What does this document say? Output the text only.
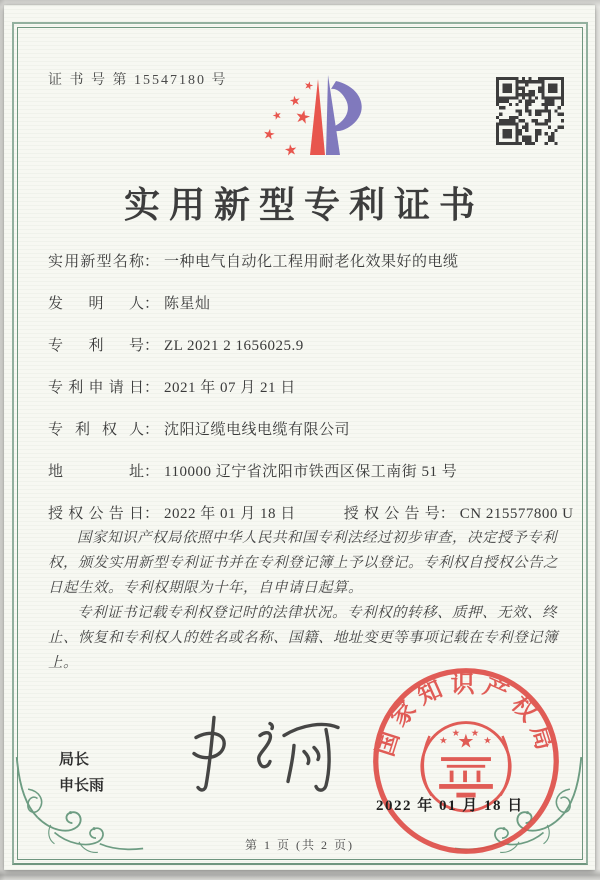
证 书 号 第 15547180 号	★
★
★
★
★
★
实用新型专利证书
实用新型名称： 一种电气自动化工程用耐老化效果好的电缆
发明人： 陈星灿
专利号： ZL 2021 2 1656025.9
专利申请日： 2021 年 07 月 21 日
专利权人： 沈阳辽缆电线电缆有限公司
地址： 110000 辽宁省沈阳市铁西区保工南街 51 号
授权公告日： 2022 年 01 月 18 日	授权公告号： CN 215577800 U

国家知识产权局依照中华人民共和国专利法经过初步审查，决定授予专利权，颁发实用新型专利证书并在专利登记簿上予以登记。专利权自授权公告之日起生效。专利权期限为十年，自申请日起算。

专利证书记载专利权登记时的法律状况。专利权的转移、质押、无效、终止、恢复和专利权人的姓名或名称、国籍、地址变更等事项记载在专利登记簿上。

局长
申长雨
国家知识产权局
★
★
★ ★
★
2022 年 01 月 18 日
第 1 页 (共 2 页)
